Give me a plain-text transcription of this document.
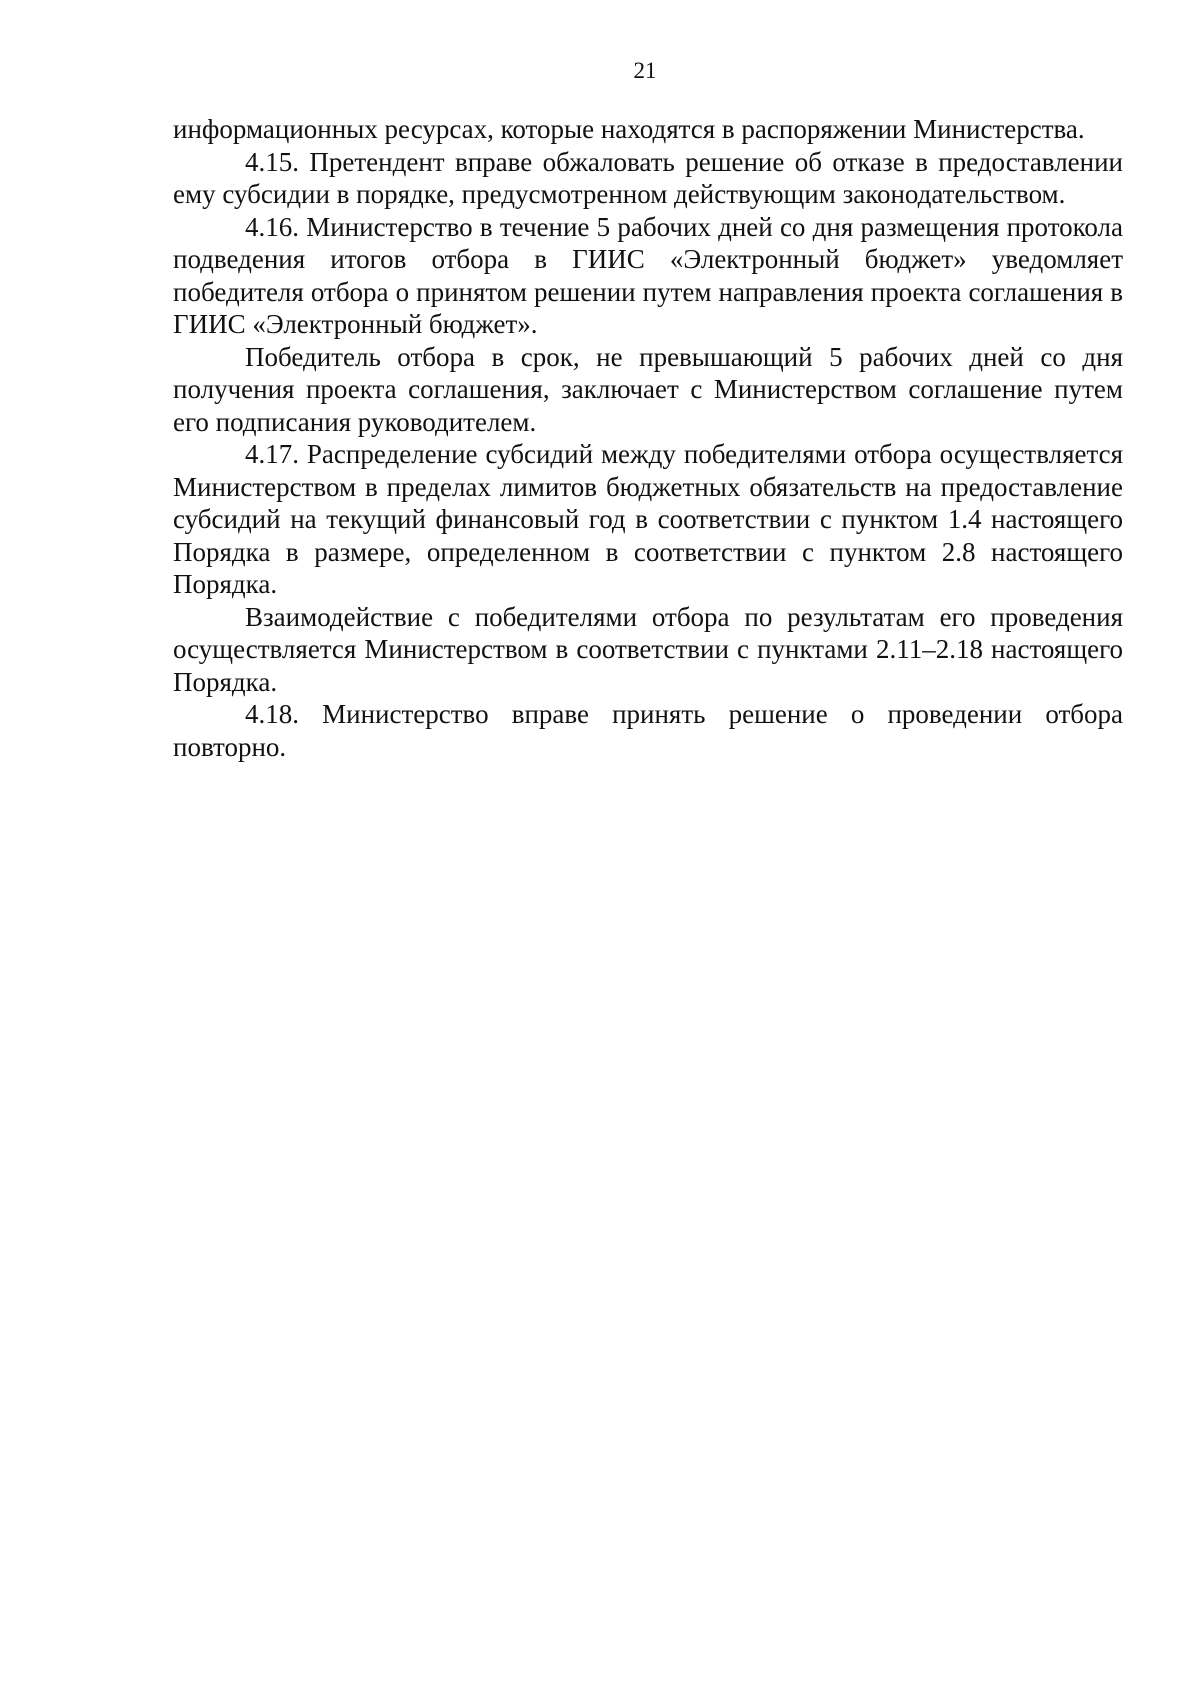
21

информационных ресурсах, которые находятся в распоряжении Министерства.

4.15. Претендент вправе обжаловать решение об отказе в предоставлении ему субсидии в порядке, предусмотренном действующим законодательством.

4.16. Министерство в течение 5 рабочих дней со дня размещения протокола подведения итогов отбора в ГИИС «Электронный бюджет» уведомляет победителя отбора о принятом решении путем направления проекта соглашения в ГИИС «Электронный бюджет».

Победитель отбора в срок, не превышающий 5 рабочих дней со дня получения проекта соглашения, заключает с Министерством соглашение путем его подписания руководителем.

4.17. Распределение субсидий между победителями отбора осуществляется Министерством в пределах лимитов бюджетных обязательств на предоставление субсидий на текущий финансовый год в соответствии с пунктом 1.4 настоящего Порядка в размере, определенном в соответствии с пунктом 2.8 настоящего Порядка.

Взаимодействие с победителями отбора по результатам его проведения осуществляется Министерством в соответствии с пунктами 2.11–2.18 настоящего Порядка.

4.18. Министерство вправе принять решение о проведении отбора повторно.
